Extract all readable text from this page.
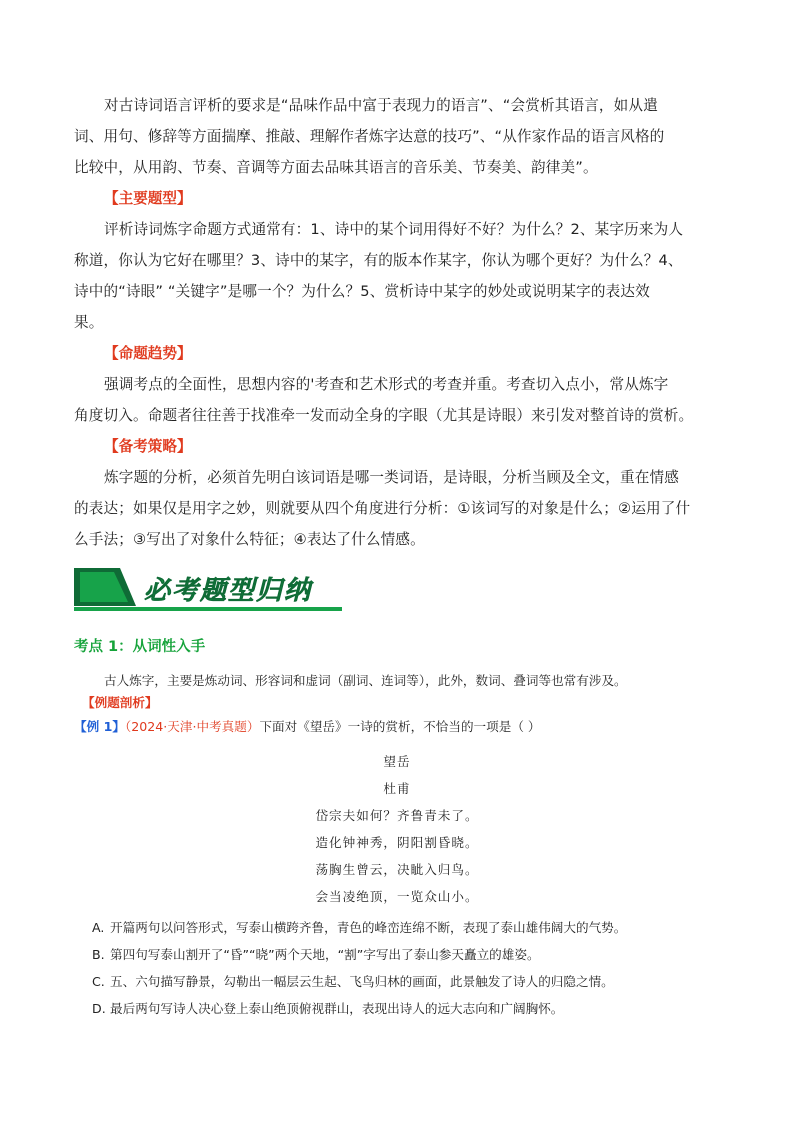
对古诗词语言评析的要求是“品味作品中富于表现力的语言”、“会赏析其语言，如从遣

词、用句、修辞等方面揣摩、推敲、理解作者炼字达意的技巧”、“从作家作品的语言风格的

比较中，从用韵、节奏、音调等方面去品味其语言的音乐美、节奏美、韵律美”。

【主要题型】

评析诗词炼字命题方式通常有：1、诗中的某个词用得好不好？为什么？2、某字历来为人

称道，你认为它好在哪里？3、诗中的某字，有的版本作某字，你认为哪个更好？为什么？4、

诗中的“诗眼” “关键字”是哪一个？为什么？5、赏析诗中某字的妙处或说明某字的表达效

果。

【命题趋势】

强调考点的全面性，思想内容的'考查和艺术形式的考查并重。考查切入点小，常从炼字

角度切入。命题者往往善于找准牵一发而动全身的字眼（尤其是诗眼）来引发对整首诗的赏析。

【备考策略】

炼字题的分析，必须首先明白该词语是哪一类词语，是诗眼，分析当顾及全文，重在情感

的表达；如果仅是用字之妙，则就要从四个角度进行分析：①该词写的对象是什么；②运用了什

么手法；③写出了对象什么特征；④表达了什么情感。

必考题型归纳

考点 1：从词性入手

古人炼字，主要是炼动词、形容词和虚词（副词、连词等），此外，数词、叠词等也常有涉及。

【例题剖析】

【例 1】（2024·天津·中考真题）下面对《望岳》一诗的赏析，不恰当的一项是（ ）

望岳

杜甫

岱宗夫如何？齐鲁青未了。

造化钟神秀，阴阳割昏晓。

荡胸生曾云，决眦入归鸟。

会当凌绝顶，一览众山小。

A. 开篇两句以问答形式，写泰山横跨齐鲁，青色的峰峦连绵不断，表现了泰山雄伟阔大的气势。

B. 第四句写泰山割开了“昏”“晓”两个天地，“割”字写出了泰山参天矗立的雄姿。

C. 五、六句描写静景，勾勒出一幅层云生起、飞鸟归林的画面，此景触发了诗人的归隐之情。

D. 最后两句写诗人决心登上泰山绝顶俯视群山，表现出诗人的远大志向和广阔胸怀。
